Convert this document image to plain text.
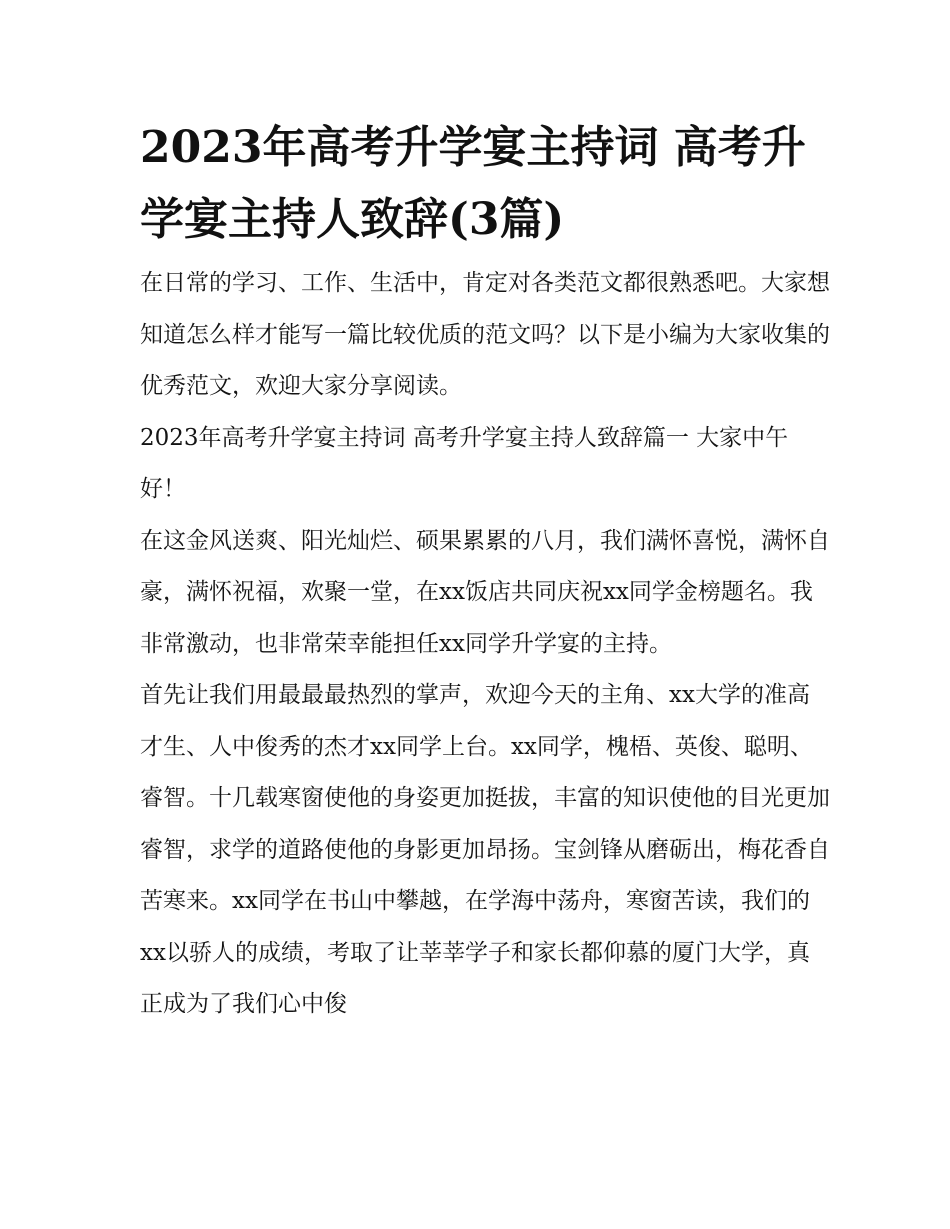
2023年高考升学宴主持词 高考升学宴主持人致辞(3篇)

在日常的学习、工作、生活中，肯定对各类范文都很熟悉吧。大家想知道怎么样才能写一篇比较优质的范文吗？以下是小编为大家收集的优秀范文，欢迎大家分享阅读。

2023年高考升学宴主持词 高考升学宴主持人致辞篇一 大家中午好！

在这金风送爽、阳光灿烂、硕果累累的八月，我们满怀喜悦，满怀自豪，满怀祝福，欢聚一堂，在xx饭店共同庆祝xx同学金榜题名。我非常激动，也非常荣幸能担任xx同学升学宴的主持。

首先让我们用最最最热烈的掌声，欢迎今天的主角、xx大学的准高才生、人中俊秀的杰才xx同学上台。xx同学，槐梧、英俊、聪明、睿智。十几载寒窗使他的身姿更加挺拔，丰富的知识使他的目光更加睿智，求学的道路使他的身影更加昂扬。宝剑锋从磨砺出，梅花香自苦寒来。xx同学在书山中攀越，在学海中荡舟，寒窗苦读，我们的xx以骄人的成绩，考取了让莘莘学子和家长都仰慕的厦门大学，真正成为了我们心中俊
